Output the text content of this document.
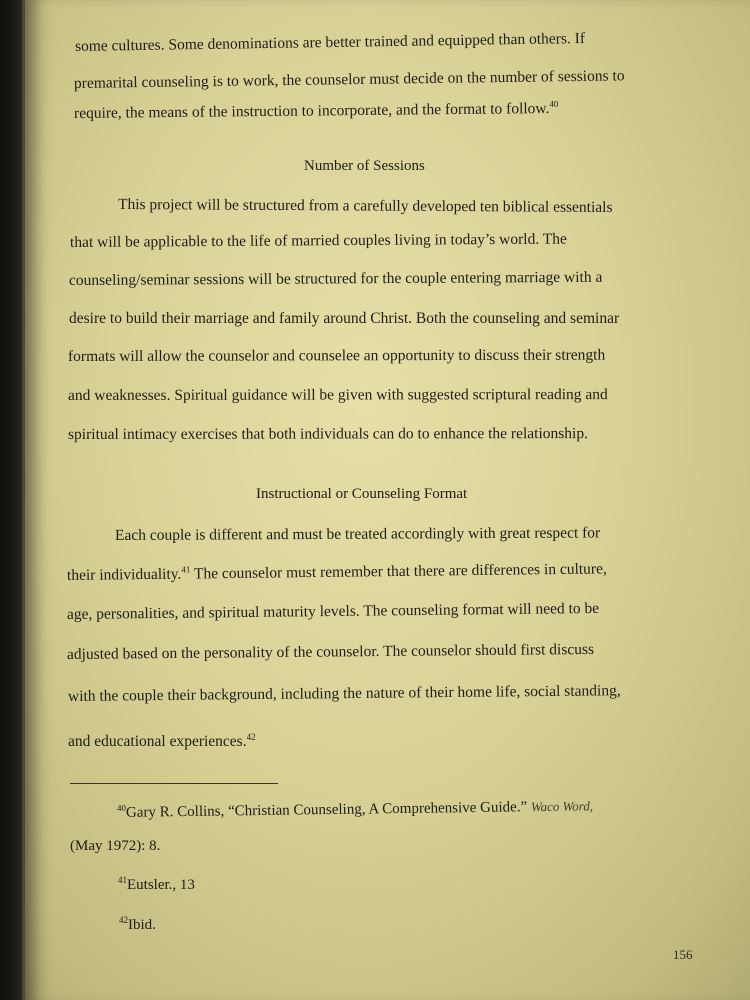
some cultures. Some denominations are better trained and equipped than others. If
premarital counseling is to work, the counselor must decide on the number of sessions to
require, the means of the instruction to incorporate, and the format to follow.$^{40}$
Number of Sessions
This project will be structured from a carefully developed ten biblical essentials
that will be applicable to the life of married couples living in today’s world. The
counseling/seminar sessions will be structured for the couple entering marriage with a
desire to build their marriage and family around Christ. Both the counseling and seminar
formats will allow the counselor and counselee an opportunity to discuss their strength
and weaknesses. Spiritual guidance will be given with suggested scriptural reading and
spiritual intimacy exercises that both individuals can do to enhance the relationship.
Instructional or Counseling Format
Each couple is different and must be treated accordingly with great respect for
their individuality.$^{41}$ The counselor must remember that there are differences in culture,
age, personalities, and spiritual maturity levels. The counseling format will need to be
adjusted based on the personality of the counselor. The counselor should first discuss
with the couple their background, including the nature of their home life, social standing,
and educational experiences.$^{42}$
$^{40}$Gary R. Collins, “Christian Counseling, A Comprehensive Guide.” Waco Word,
(May 1972): 8.
$^{41}$Eutsler., 13
$^{42}$Ibid.
156
